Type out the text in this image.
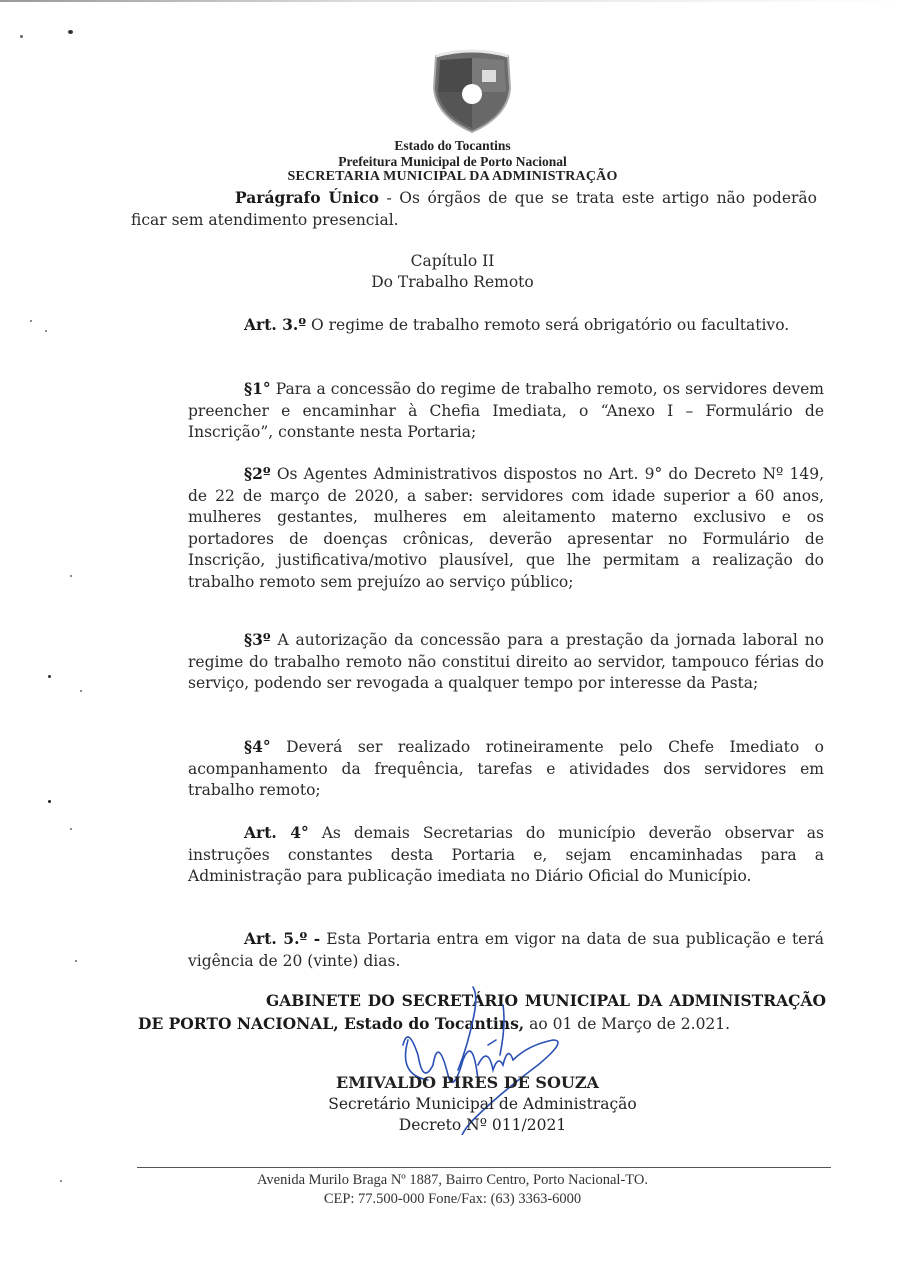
Estado do Tocantins
Prefeitura Municipal de Porto Nacional
SECRETARIA MUNICIPAL DA ADMINISTRAÇÃO
Parágrafo Único - Os órgãos de que se trata este artigo não poderão ficar sem atendimento presencial.
Capítulo II
Do Trabalho Remoto
Art. 3.º O regime de trabalho remoto será obrigatório ou facultativo.
§1° Para a concessão do regime de trabalho remoto, os servidores devem preencher e encaminhar à Chefia Imediata, o “Anexo I – Formulário de Inscrição”, constante nesta Portaria;
§2º Os Agentes Administrativos dispostos no Art. 9° do Decreto Nº 149, de 22 de março de 2020, a saber: servidores com idade superior a 60 anos, mulheres gestantes, mulheres em aleitamento materno exclusivo e os portadores de doenças crônicas, deverão apresentar no Formulário de Inscrição, justificativa/motivo plausível, que lhe permitam a realização do trabalho remoto sem prejuízo ao serviço público;
§3º A autorização da concessão para a prestação da jornada laboral no regime do trabalho remoto não constitui direito ao servidor, tampouco férias do serviço, podendo ser revogada a qualquer tempo por interesse da Pasta;
§4° Deverá ser realizado rotineiramente pelo Chefe Imediato o acompanhamento da frequência, tarefas e atividades dos servidores em trabalho remoto;
Art. 4° As demais Secretarias do município deverão observar as instruções constantes desta Portaria e, sejam encaminhadas para a Administração para publicação imediata no Diário Oficial do Município.
Art. 5.º - Esta Portaria entra em vigor na data de sua publicação e terá vigência de 20 (vinte) dias.
GABINETE DO SECRETÁRIO MUNICIPAL DA ADMINISTRAÇÃO DE PORTO NACIONAL, Estado do Tocantins, ao 01 de Março de 2.021.
EMIVALDO PIRES DE SOUZA
Secretário Municipal de Administração
Decreto Nº 011/2021
Avenida Murilo Braga Nº 1887, Bairro Centro, Porto Nacional-TO.
CEP: 77.500-000 Fone/Fax: (63) 3363-6000
